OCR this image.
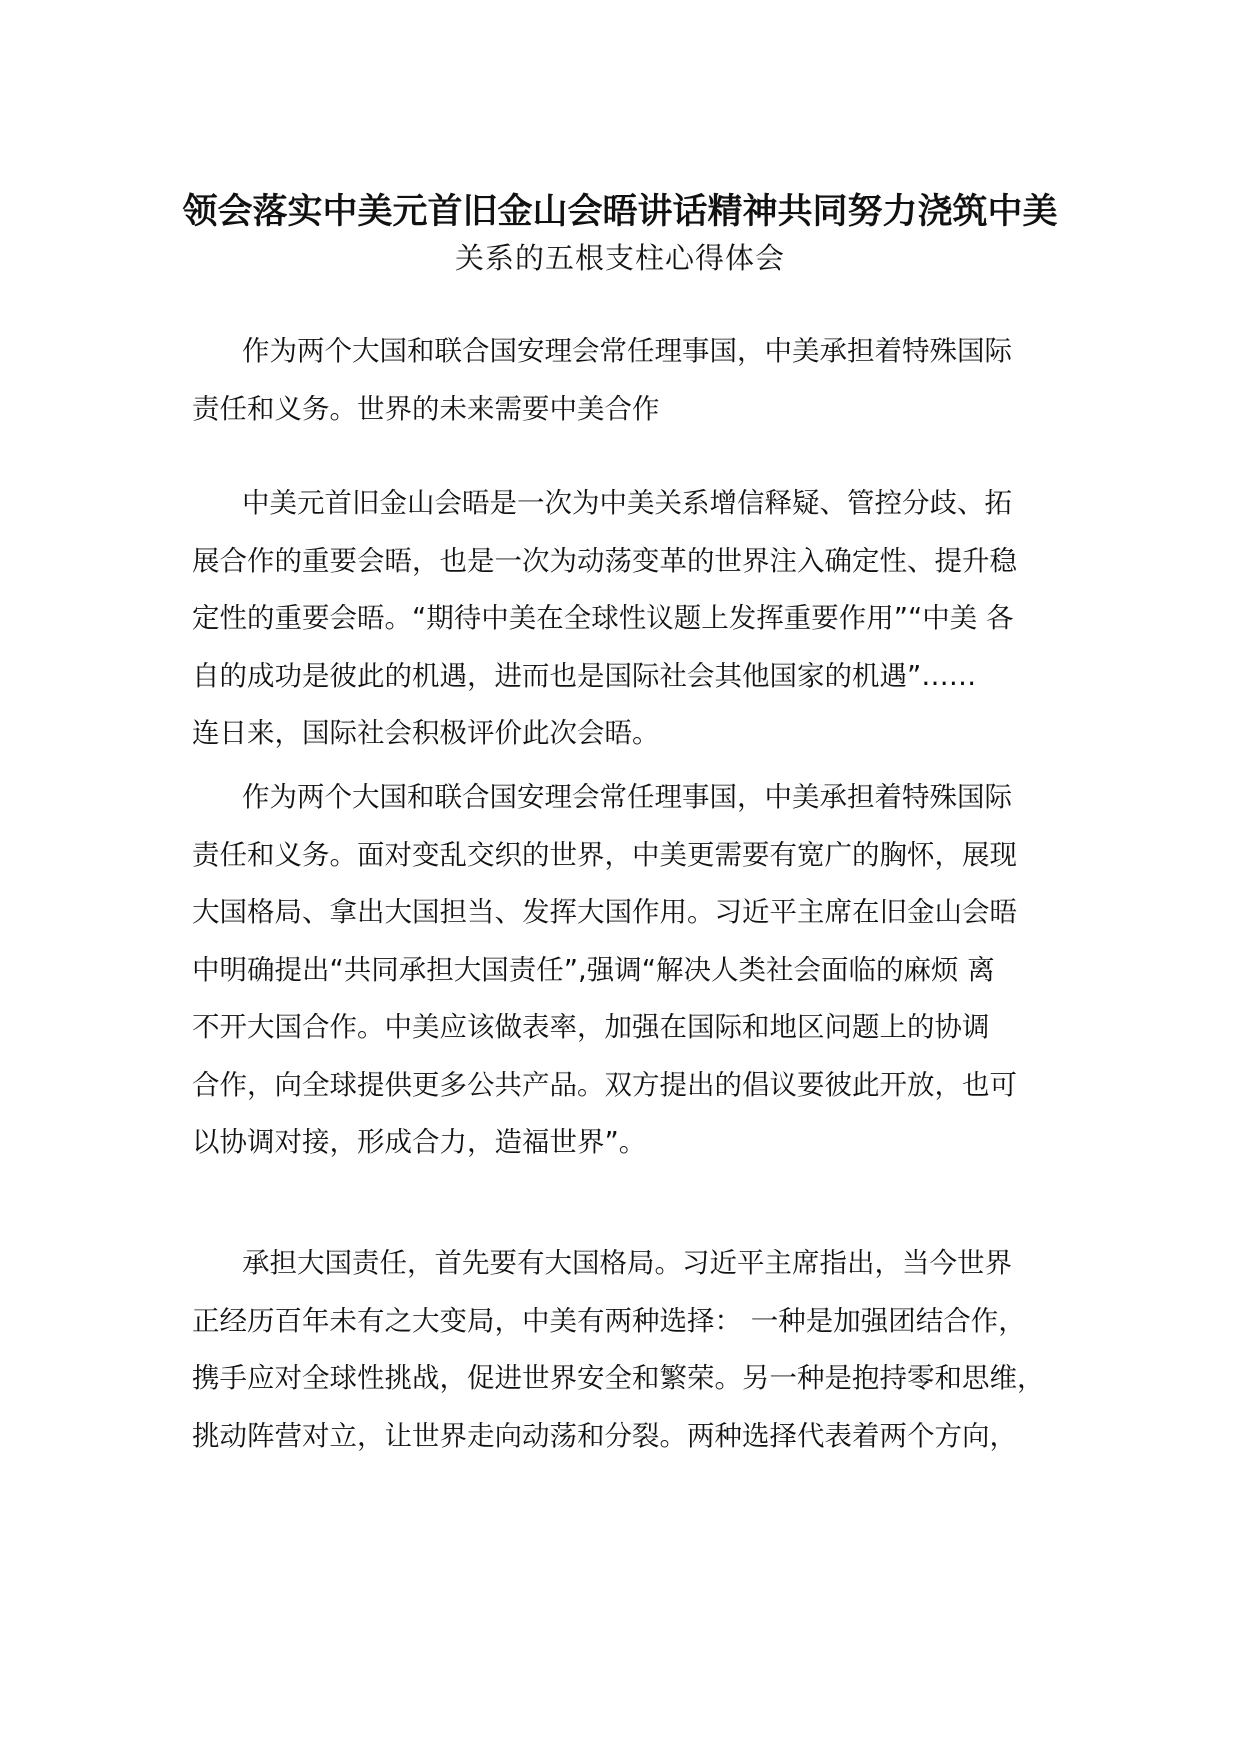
领会落实中美元首旧金山会晤讲话精神共同努力浇筑中美
关系的五根支柱心得体会
作为两个大国和联合国安理会常任理事国，中美承担着特殊国际
责任和义务。世界的未来需要中美合作
中美元首旧金山会晤是一次为中美关系增信释疑、管控分歧、拓
展合作的重要会晤，也是一次为动荡变革的世界注入确定性、提升稳
定性的重要会晤。“期待中美在全球性议题上发挥重要作用”“中美 各
自的成功是彼此的机遇，进而也是国际社会其他国家的机遇”……
连日来，国际社会积极评价此次会晤。
作为两个大国和联合国安理会常任理事国，中美承担着特殊国际
责任和义务。面对变乱交织的世界，中美更需要有宽广的胸怀，展现
大国格局、拿出大国担当、发挥大国作用。习近平主席在旧金山会晤
中明确提出“共同承担大国责任”,强调“解决人类社会面临的麻烦 离
不开大国合作。中美应该做表率，加强在国际和地区问题上的协调
合作，向全球提供更多公共产品。双方提出的倡议要彼此开放，也可
以协调对接，形成合力，造福世界”。
承担大国责任，首先要有大国格局。习近平主席指出，当今世界
正经历百年未有之大变局，中美有两种选择： 一种是加强团结合作，
携手应对全球性挑战，促进世界安全和繁荣。另一种是抱持零和思维，
挑动阵营对立，让世界走向动荡和分裂。两种选择代表着两个方向，
